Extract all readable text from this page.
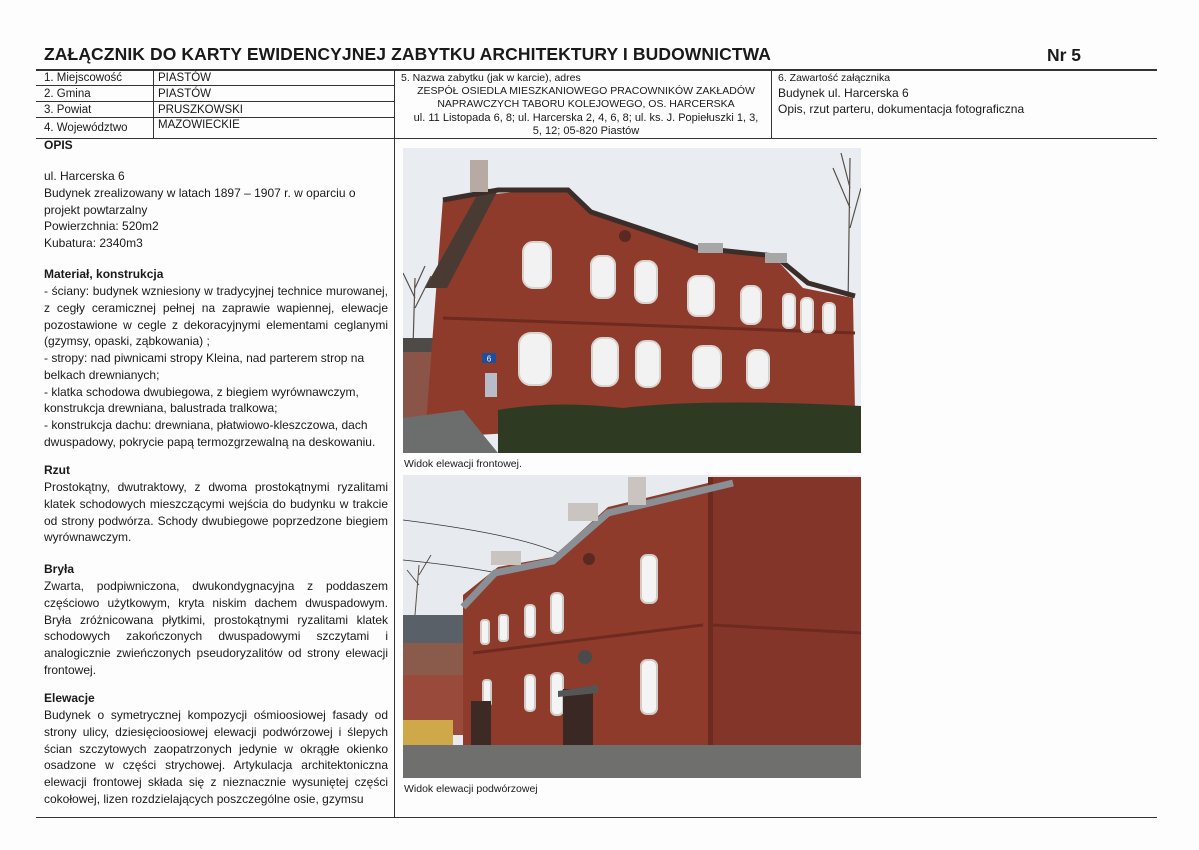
ZAŁĄCZNIK DO KARTY EWIDENCYJNEJ ZABYTKU ARCHITEKTURY I BUDOWNICTWA	Nr 5
1. Miejscowość	PIASTÓW
2. Gmina	PIASTÓW
3. Powiat	PRUSZKOWSKI
4. Województwo	MAZOWIECKIE
5. Nazwa zabytku (jak w karcie), adres
ZESPÓŁ OSIEDLA MIESZKANIOWEGO PRACOWNIKÓW ZAKŁADÓW
NAPRAWCZYCH TABORU KOLEJOWEGO, OS. HARCERSKA
ul. 11 Listopada 6, 8; ul. Harcerska 2, 4, 6, 8; ul. ks. J. Popiełuszki 1, 3,
5, 12; 05-820 Piastów
6. Zawartość załącznika
Budynek ul. Harcerska 6
Opis, rzut parteru, dokumentacja fotograficzna
OPIS
ul. Harcerska 6
Budynek zrealizowany w latach 1897 – 1907 r. w oparciu o projekt powtarzalny
Powierzchnia: 520m2
Kubatura: 2340m3
Materiał, konstrukcja
- ściany: budynek wzniesiony w tradycyjnej technice murowanej, z cegły ceramicznej pełnej na zaprawie wapiennej, elewacje pozostawione w cegle z dekoracyjnymi elementami ceglanymi (gzymsy, opaski, ząbkowania) ;
- stropy: nad piwnicami stropy Kleina, nad parterem strop na belkach drewnianych;
- klatka schodowa dwubiegowa, z biegiem wyrównawczym, konstrukcja drewniana, balustrada tralkowa;
- konstrukcja dachu: drewniana, płatwiowo-kleszczowa, dach dwuspadowy, pokrycie papą termozgrzewalną na deskowaniu.
Rzut
Prostokątny, dwutraktowy, z dwoma prostokątnymi ryzalitami klatek schodowych mieszczącymi wejścia do budynku w trakcie od strony podwórza. Schody dwubiegowe poprzedzone biegiem wyrównawczym.
Bryła
Zwarta, podpiwniczona, dwukondygnacyjna z poddaszem częściowo użytkowym, kryta niskim dachem dwuspadowym. Bryła zróżnicowana płytkimi, prostokątnymi ryzalitami klatek schodowych zakończonych dwuspadowymi szczytami i analogicznie zwieńczonych pseudoryzalitów od strony elewacji frontowej.
Elewacje
Budynek o symetrycznej kompozycji ośmioosiowej fasady od strony ulicy, dziesięcioosiowej elewacji podwórzowej i ślepych ścian szczytowych zaopatrzonych jedynie w okrągłe okienko osadzone w części strychowej. Artykulacja architektoniczna elewacji frontowej składa się z nieznacznie wysuniętej części cokołowej, lizen rozdzielających poszczególne osie, gzymsu
6
Widok elewacji frontowej.
Widok elewacji podwórzowej
